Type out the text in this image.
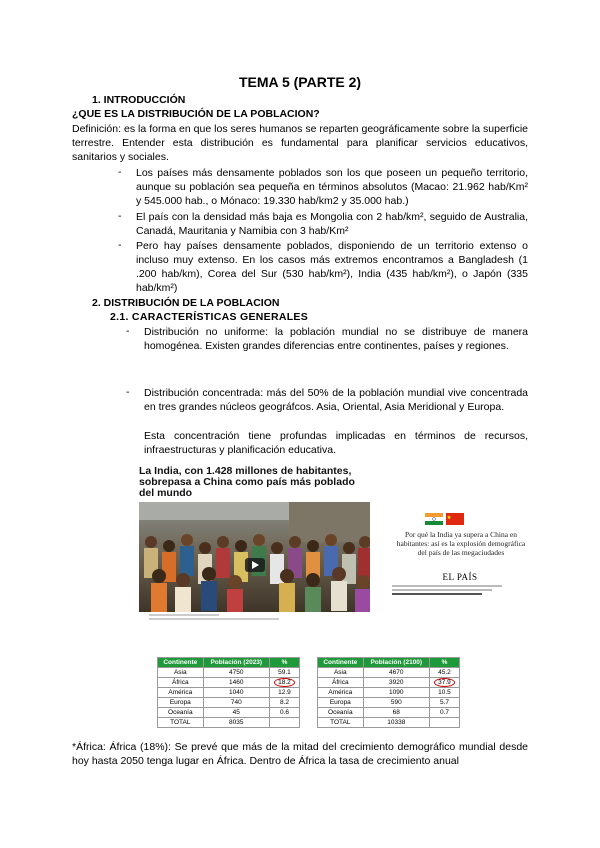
TEMA 5 (PARTE 2)
1. INTRODUCCIÓN
¿QUE ES LA DISTRIBUCIÓN DE LA POBLACION?
Definición: es la forma en que los seres humanos se reparten geográficamente sobre la superficie terrestre. Entender esta distribución es fundamental para planificar servicios educativos, sanitarios y sociales.
- Los países más densamente poblados son los que poseen un pequeño territorio, aunque su población sea pequeña en términos absolutos (Macao: 21.962 hab/Km² y 545.000 hab., o Mónaco: 19.330 hab/km2 y 35.000 hab.)
- El país con la densidad más baja es Mongolia con 2 hab/km², seguido de Australia, Canadá, Mauritania y Namibia con 3 hab/Km²
- Pero hay países densamente poblados, disponiendo de un territorio extenso o incluso muy extenso. En los casos más extremos encontramos a Bangladesh (1 .200 hab/km), Corea del Sur (530 hab/km²), India (435 hab/km²), o Japón (335 hab/km²)
2. DISTRIBUCIÓN DE LA POBLACION
2.1. CARACTERÍSTICAS GENERALES
- Distribución no uniforme: la población mundial no se distribuye de manera homogénea. Existen grandes diferencias entre continentes, países y regiones.
- Distribución concentrada: más del 50% de la población mundial vive concentrada en tres grandes núcleos geográfcos. Asia, Oriental, Asia Meridional y Europa.
Esta concentración tiene profundas implicadas en términos de recursos, infraestructuras y planificación educativa.
La India, con 1.428 millones de habitantes, sobrepasa a China como país más poblado del mundo
Por qué la India ya supera a China en habitantes: así es la explosión demográfica del país de las megaciudades
EL PAÍS
Continente	Población (2023)	%
Asia	4750	59.1
África	1460	18.2
América	1040	12.9
Europa	740	8.2
Oceanía	45	0.6
TOTAL	8035	
Continente	Población (2100)	%
Asia	4670	45.2
África	3920	37.9
América	1090	10.5
Europa	590	5.7
Oceanía	68	0.7
TOTAL	10338	
*África: África (18%): Se prevé que más de la mitad del crecimiento demográfico mundial desde hoy hasta 2050 tenga lugar en África. Dentro de África la tasa de crecimiento anual
